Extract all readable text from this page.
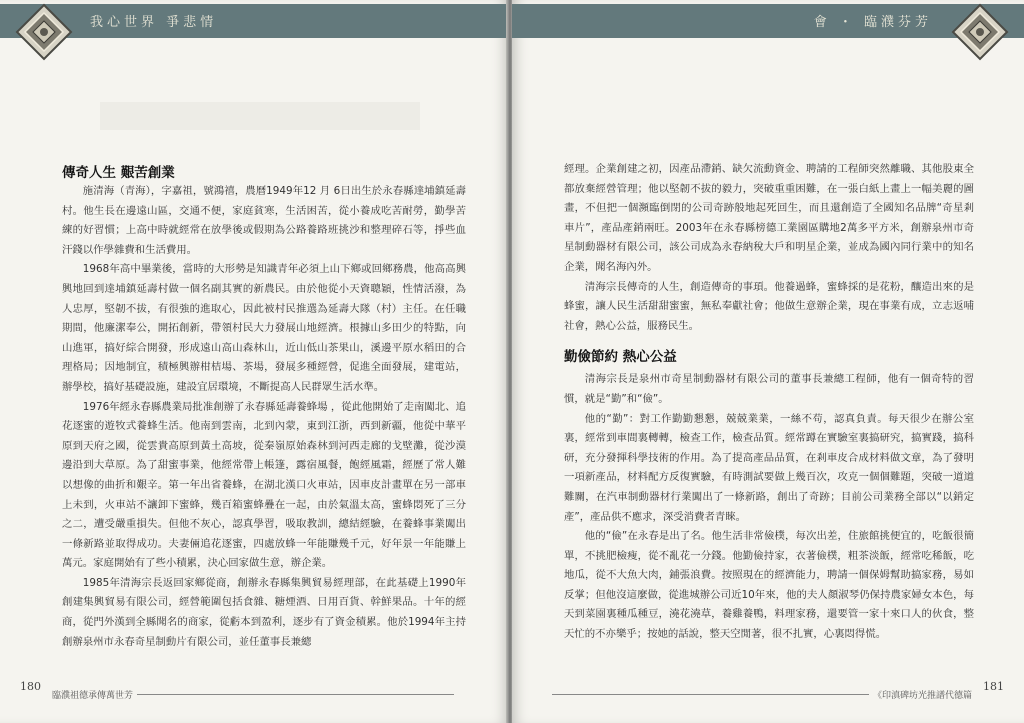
我心世界 爭悲情
傳奇人生 艱苦創業

施清海（青海），字嘉祖，號鴻禧，農曆1949年12 月 6日出生於永春縣達埔鎮延壽村。他生長在邊遠山區，交通不便，家庭貧寒，生活困苦，從小養成吃苦耐勞，勤學苦練的好習慣；上高中時就經常在放學後或假期為公路養路班挑沙和整理碎石等，掙些血汗錢以作學雜費和生活費用。

1968年高中畢業後，當時的大形勢是知識青年必須上山下鄉或回鄉務農，他高高興興地回到達埔鎮延壽村做一個名副其實的新農民。由於他從小天資聰穎，性情活潑，為人忠厚，堅韌不拔，有很強的進取心，因此被村民推選為延壽大隊（村）主任。在任職期間，他廉潔奉公，開拓創新，帶領村民大力發展山地經濟。根據山多田少的特點，向山進軍，搞好綜合開發，形成遠山高山森林山，近山低山茶果山，溪邊平原水稻田的合理格局；因地制宜，積極興辦柑桔場、茶場，發展多種經營，促進全面發展，建電站，辦學校，搞好基礎設施，建設宜居環境，不斷提高人民群眾生活水準。

1976年經永春縣農業局批准創辦了永春縣延壽養蜂場 ，從此他開始了走南闖北、追花逐蜜的遊牧式養蜂生活。他南到雲南，北到內蒙，東到江浙，西到新疆，他從中華平原到天府之國，從雲貴高原到黃土高坡，從秦嶺原始森林到河西走廊的戈壁灘，從沙漠邊沿到大草原。為了甜蜜事業，他經常帶上帳篷，露宿風餐，飽經風霜，經歷了常人難以想像的曲折和艱辛。第一年出省養蜂，在湖北漢口火車站，因車皮計畫單在另一部車上未到，火車站不讓卸下蜜蜂，幾百箱蜜蜂疊在一起，由於氣溫太高，蜜蜂悶死了三分之二，遭受嚴重損失。但他不灰心，認真學習，吸取教訓，總結經驗，在養蜂事業闖出一條新路並取得成功。夫妻倆追花逐蜜，四處放蜂一年能賺幾千元，好年景一年能賺上萬元。家庭開始有了些小積累，決心回家做生意，辦企業。

1985年清海宗長返回家鄉從商，創辦永春縣集興貿易經理部，在此基礎上1990年創建集興貿易有限公司，經營範圍包括食雜、糖煙酒、日用百貨、幹鮮果品。十年的經商，從門外漢到全縣聞名的商家，從虧本到盈利，逐步有了資金積累。他於1994年主持創辦泉州市永春奇星制動片有限公司，並任董事長兼總

180
臨濮祖德承傳萬世芳
會 ・ 臨濮芬芳

經理。企業創建之初，因產品滯銷、缺欠流動資金、聘請的工程師突然離職、其他股東全都放棄經營管理；他以堅韌不拔的毅力，突破重重困難，在一張白紙上畫上一幅美麗的圖畫，不但把一個瀕臨倒閉的公司奇跡般地起死回生，而且還創造了全國知名品牌“奇星剎車片”，產品產銷兩旺。2003年在永春縣榜德工業園區購地2萬多平方米，創辦泉州市奇星制動器材有限公司，該公司成為永春納稅大戶和明星企業，並成為國內同行業中的知名企業，聞名海內外。

清海宗長傳奇的人生，創造傳奇的事頊。他養過蜂，蜜蜂採的是花粉，釀造出來的是蜂蜜，讓人民生活甜甜蜜蜜，無私奉獻社會；他做生意辦企業，現在事業有成，立志返哺社會，熱心公益，服務民生。

勤儉節約 熱心公益

清海宗長是泉州市奇星制動器材有限公司的董事長兼總工程師，他有一個奇特的習慣，就是“勤”和“儉”。

他的“勤”：對工作勤勤懇懇，兢兢業業，一絲不苟，認真負責。每天很少在辦公室裏，經常到車間裏轉轉，檢查工作，檢查品質。經常蹲在實驗室裏搞研究，搞實踐，搞科研，充分發揮科學技術的作用。為了提高產品品質，在剎車皮合成材料做文章，為了發明一項新產品，材料配方反復實驗，有時測試要做上幾百次，攻克一個個難題，突破一道道難關，在汽車制動器材行業闖出了一條新路，創出了奇跡；目前公司業務全部以“以銷定產”，產品供不應求，深受消費者青睞。

他的“儉”在永春是出了名。他生活非常儉樸，每次出差，住旅館挑便宜的，吃飯很簡單，不挑肥檢瘦，從不亂花一分錢。他勤儉持家，衣著儉樸，粗茶淡飯，經常吃稀飯，吃地瓜，從不大魚大肉，鋪張浪費。按照現在的經濟能力，聘請一個保姆幫助搞家務，易如反掌；但他沒這麼做，從進城辦公司近10年來，他的夫人顏淑琴仍保持農家婦女本色，每天到菜園裏種瓜種豆，澆花澆草，養雞養鴨，料理家務，還要管一家十來口人的伙食，整天忙的不亦樂乎；按她的話說，整天空閒著，很不扎實，心裏悶得慌。

181
《印滇碑坊光推譜代德篇
